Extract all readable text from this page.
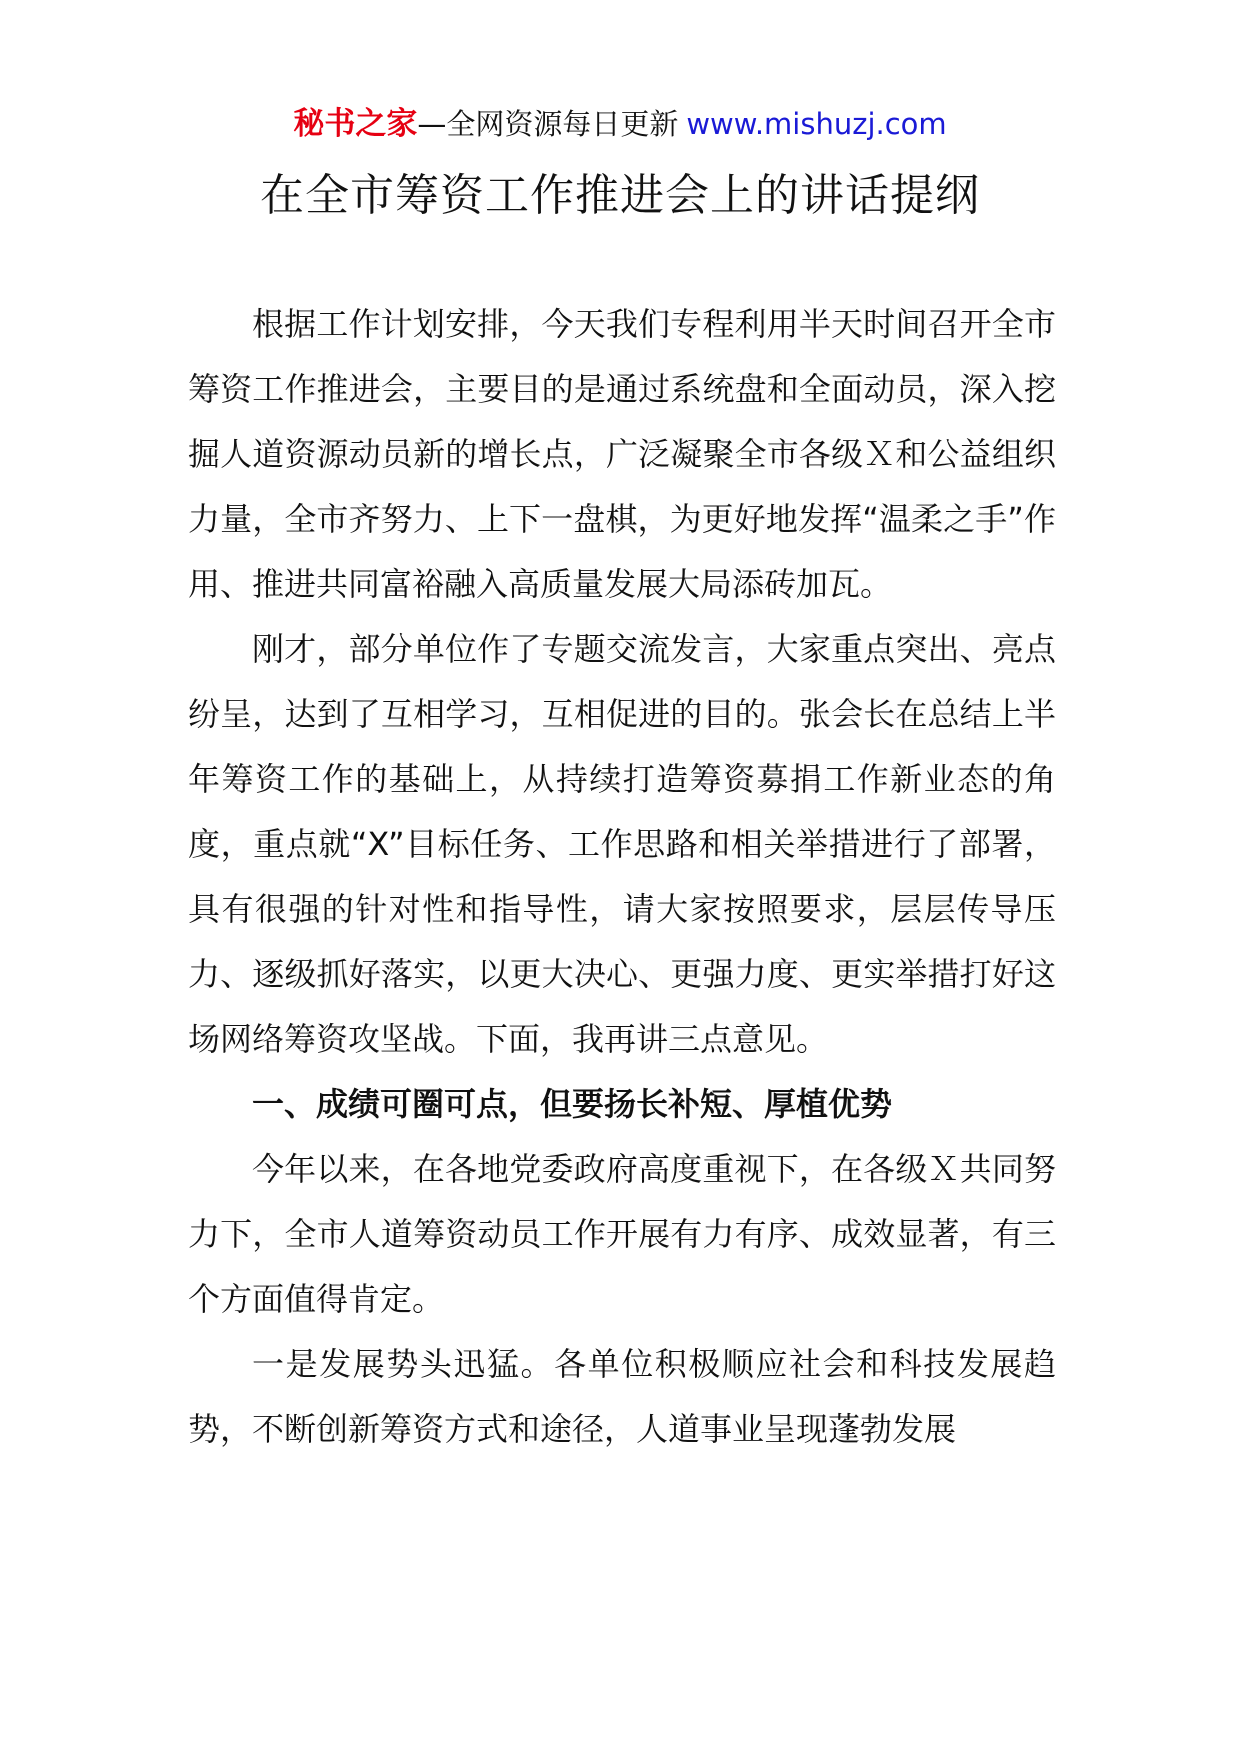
秘书之家—全网资源每日更新 www.mishuzj.com
在全市筹资工作推进会上的讲话提纲

根据工作计划安排，今天我们专程利用半天时间召开全市筹资工作推进会，主要目的是通过系统盘和全面动员，深入挖掘人道资源动员新的增长点，广泛凝聚全市各级Ｘ和公益组织力量，全市齐努力、上下一盘棋，为更好地发挥“温柔之手”作用、推进共同富裕融入高质量发展大局添砖加瓦。

刚才，部分单位作了专题交流发言，大家重点突出、亮点纷呈，达到了互相学习，互相促进的目的。张会长在总结上半年筹资工作的基础上，从持续打造筹资募捐工作新业态的角度，重点就“X”目标任务、工作思路和相关举措进行了部署，具有很强的针对性和指导性，请大家按照要求，层层传导压力、逐级抓好落实，以更大决心、更强力度、更实举措打好这场网络筹资攻坚战。下面，我再讲三点意见。

一、成绩可圈可点，但要扬长补短、厚植优势

今年以来，在各地党委政府高度重视下，在各级Ｘ共同努力下，全市人道筹资动员工作开展有力有序、成效显著，有三个方面值得肯定。

一是发展势头迅猛。各单位积极顺应社会和科技发展趋势，不断创新筹资方式和途径，人道事业呈现蓬勃发展
